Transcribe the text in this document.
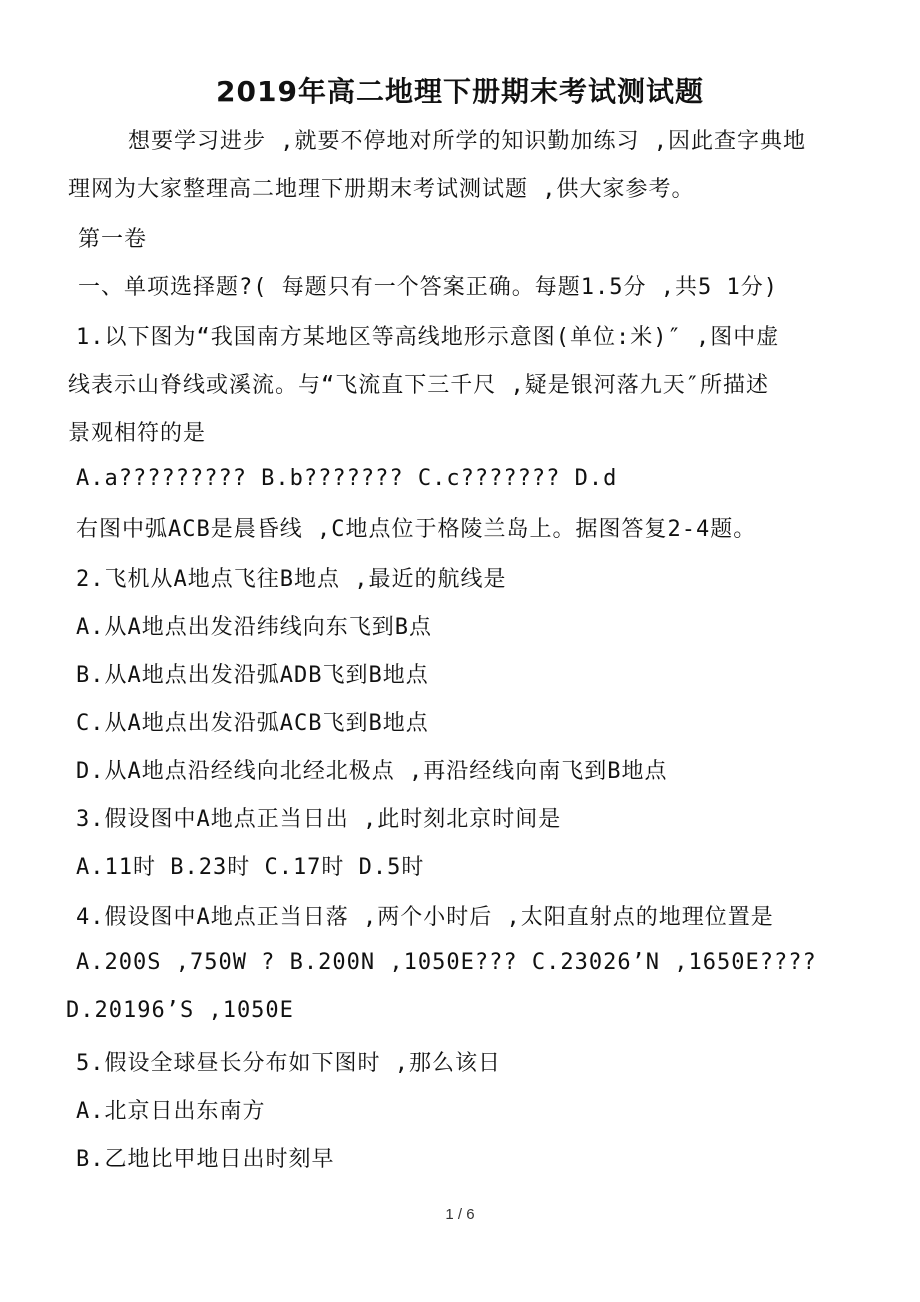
2019年高二地理下册期末考试测试题

想要学习进步 ,就要不停地对所学的知识勤加练习 ,因此查字典地

理网为大家整理高二地理下册期末考试测试题 ,供大家参考。

第一卷

一、单项选择题?( 每题只有一个答案正确。每题1.5分 ,共5 1分)

1.以下图为“我国南方某地区等高线地形示意图(单位:米)″ ,图中虚

线表示山脊线或溪流。与“飞流直下三千尺 ,疑是银河落九天″所描述

景观相符的是

A.a????????? B.b??????? C.c??????? D.d

右图中弧ACB是晨昏线 ,C地点位于格陵兰岛上。据图答复2-4题。

2.飞机从A地点飞往B地点 ,最近的航线是

A.从A地点出发沿纬线向东飞到B点

B.从A地点出发沿弧ADB飞到B地点

C.从A地点出发沿弧ACB飞到B地点

D.从A地点沿经线向北经北极点 ,再沿经线向南飞到B地点

3.假设图中A地点正当日出 ,此时刻北京时间是

A.11时 B.23时 C.17时 D.5时

4.假设图中A地点正当日落 ,两个小时后 ,太阳直射点的地理位置是

A.200S ,750W ? B.200N ,1050E??? C.23026’N ,1650E????

D.20196’S ,1050E

5.假设全球昼长分布如下图时 ,那么该日

A.北京日出东南方

B.乙地比甲地日出时刻早

1 / 6
